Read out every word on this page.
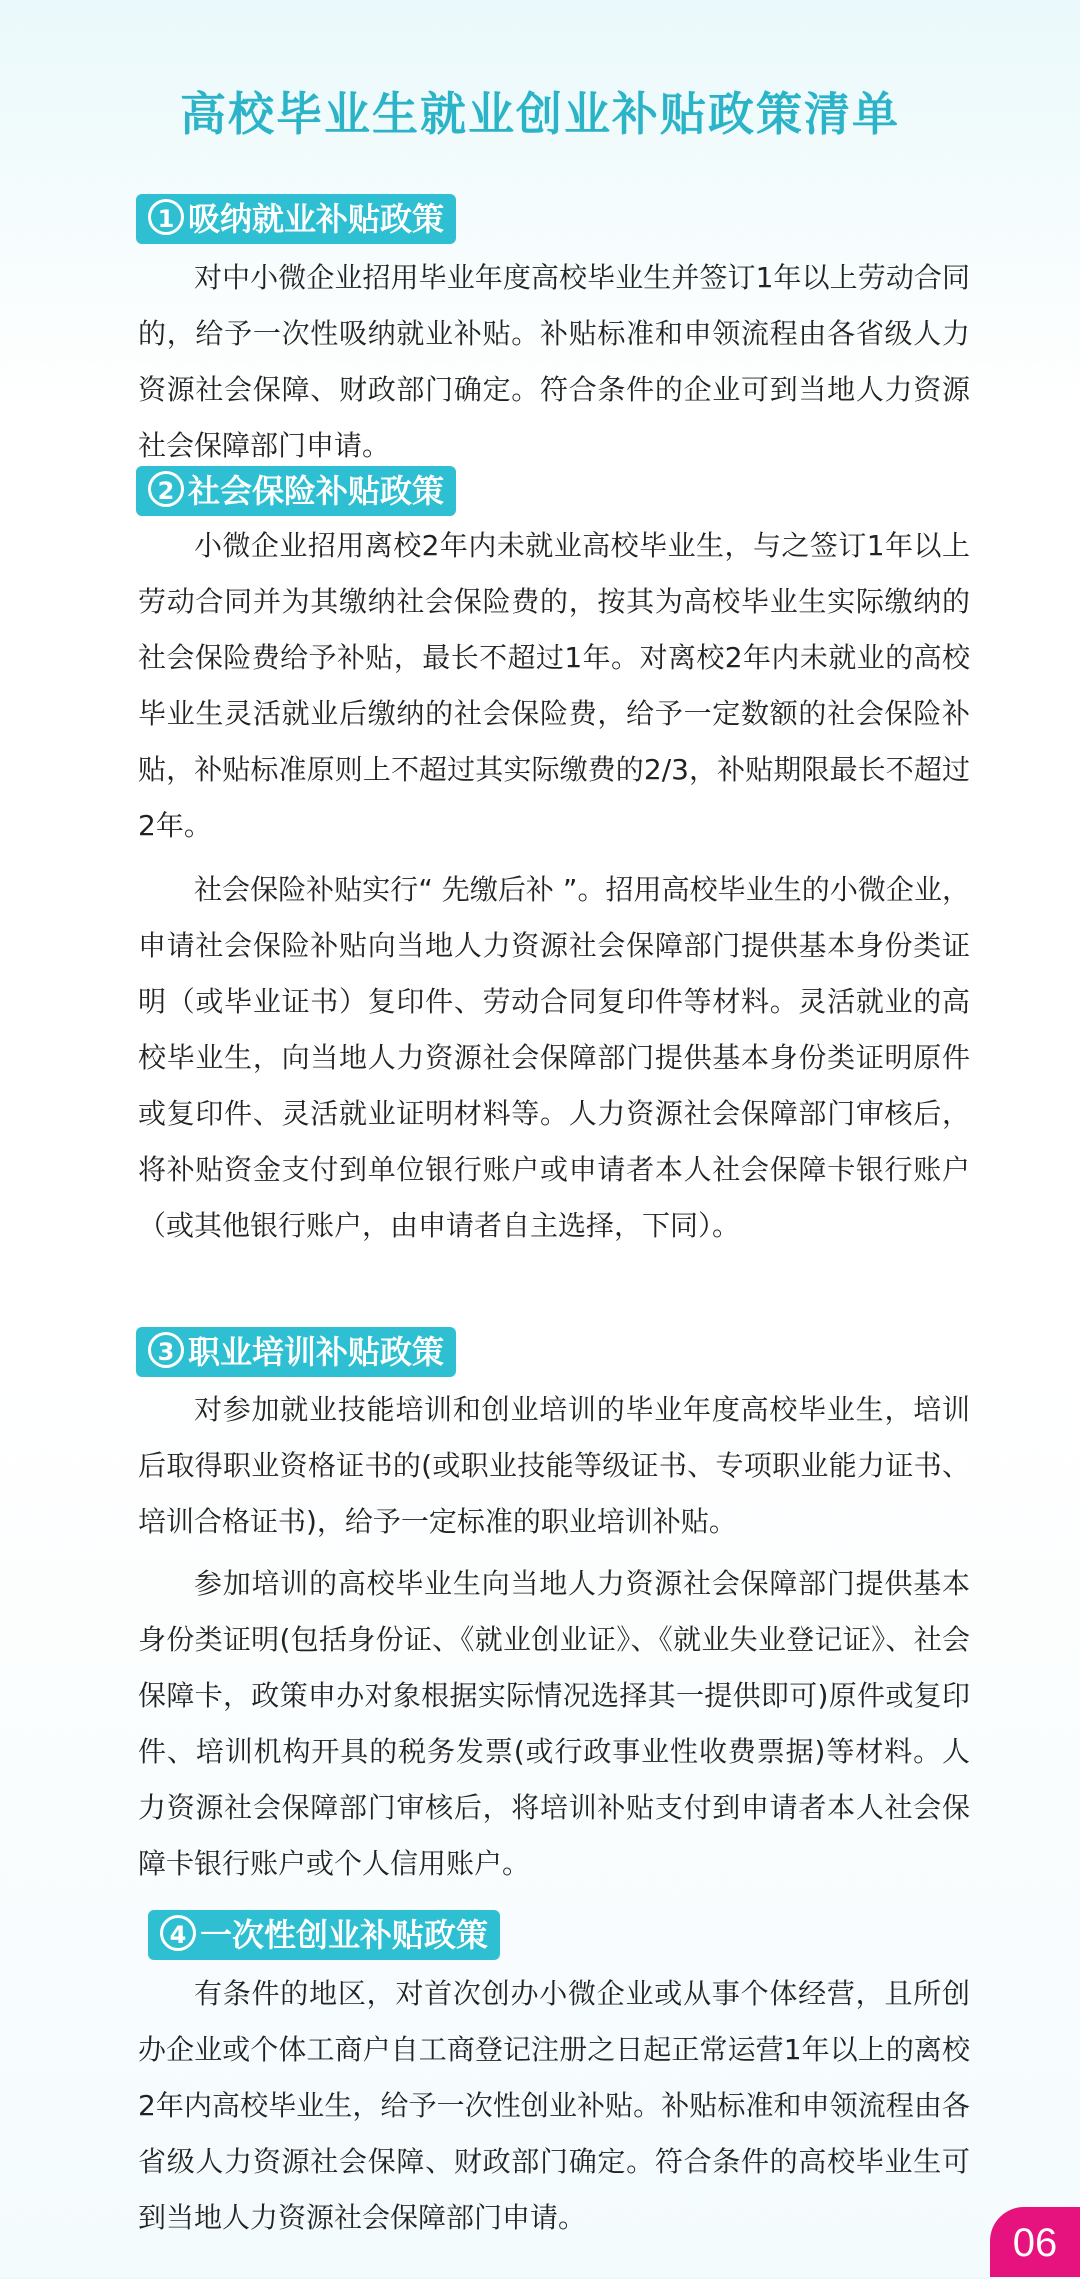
高校毕业生就业创业补贴政策清单
1 吸纳就业补贴政策

对中小微企业招用毕业年度高校毕业生并签订1年以上劳动合同的，给予一次性吸纳就业补贴。补贴标准和申领流程由各省级人力资源社会保障、财政部门确定。符合条件的企业可到当地人力资源社会保障部门申请。

2 社会保险补贴政策

小微企业招用离校2年内未就业高校毕业生，与之签订1年以上劳动合同并为其缴纳社会保险费的，按其为高校毕业生实际缴纳的社会保险费给予补贴，最长不超过1年。对离校2年内未就业的高校毕业生灵活就业后缴纳的社会保险费，给予一定数额的社会保险补贴，补贴标准原则上不超过其实际缴费的2/3，补贴期限最长不超过2年。

社会保险补贴实行“ 先缴后补 ”。招用高校毕业生的小微企业，申请社会保险补贴向当地人力资源社会保障部门提供基本身份类证明（或毕业证书）复印件、劳动合同复印件等材料。灵活就业的高校毕业生，向当地人力资源社会保障部门提供基本身份类证明原件或复印件、灵活就业证明材料等。人力资源社会保障部门审核后，将补贴资金支付到单位银行账户或申请者本人社会保障卡银行账户（或其他银行账户，由申请者自主选择，下同）。

3 职业培训补贴政策

对参加就业技能培训和创业培训的毕业年度高校毕业生，培训后取得职业资格证书的(或职业技能等级证书、专项职业能力证书、培训合格证书)，给予一定标准的职业培训补贴。

参加培训的高校毕业生向当地人力资源社会保障部门提供基本身份类证明(包括身份证、《就业创业证》、《就业失业登记证》、社会保障卡，政策申办对象根据实际情况选择其一提供即可)原件或复印件、培训机构开具的税务发票(或行政事业性收费票据)等材料。人力资源社会保障部门审核后，将培训补贴支付到申请者本人社会保障卡银行账户或个人信用账户。

4 一次性创业补贴政策

有条件的地区，对首次创办小微企业或从事个体经营，且所创办企业或个体工商户自工商登记注册之日起正常运营1年以上的离校2年内高校毕业生，给予一次性创业补贴。补贴标准和申领流程由各省级人力资源社会保障、财政部门确定。符合条件的高校毕业生可到当地人力资源社会保障部门申请。

06
